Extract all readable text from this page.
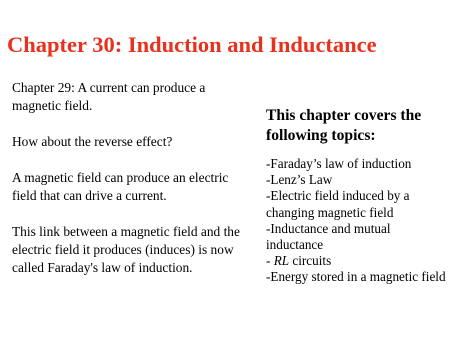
Chapter 30: Induction and Inductance

Chapter 29: A current can produce a magnetic field.

How about the reverse effect?

A magnetic field can produce an electric field that can drive a current.

This link between a magnetic field and the electric field it produces (induces) is now called Faraday's law of induction.

This chapter covers the following topics:

-Faraday’s law of induction
-Lenz’s Law
-Electric field induced by a changing magnetic field
-Inductance and mutual inductance
- RL circuits
-Energy stored in a magnetic field
